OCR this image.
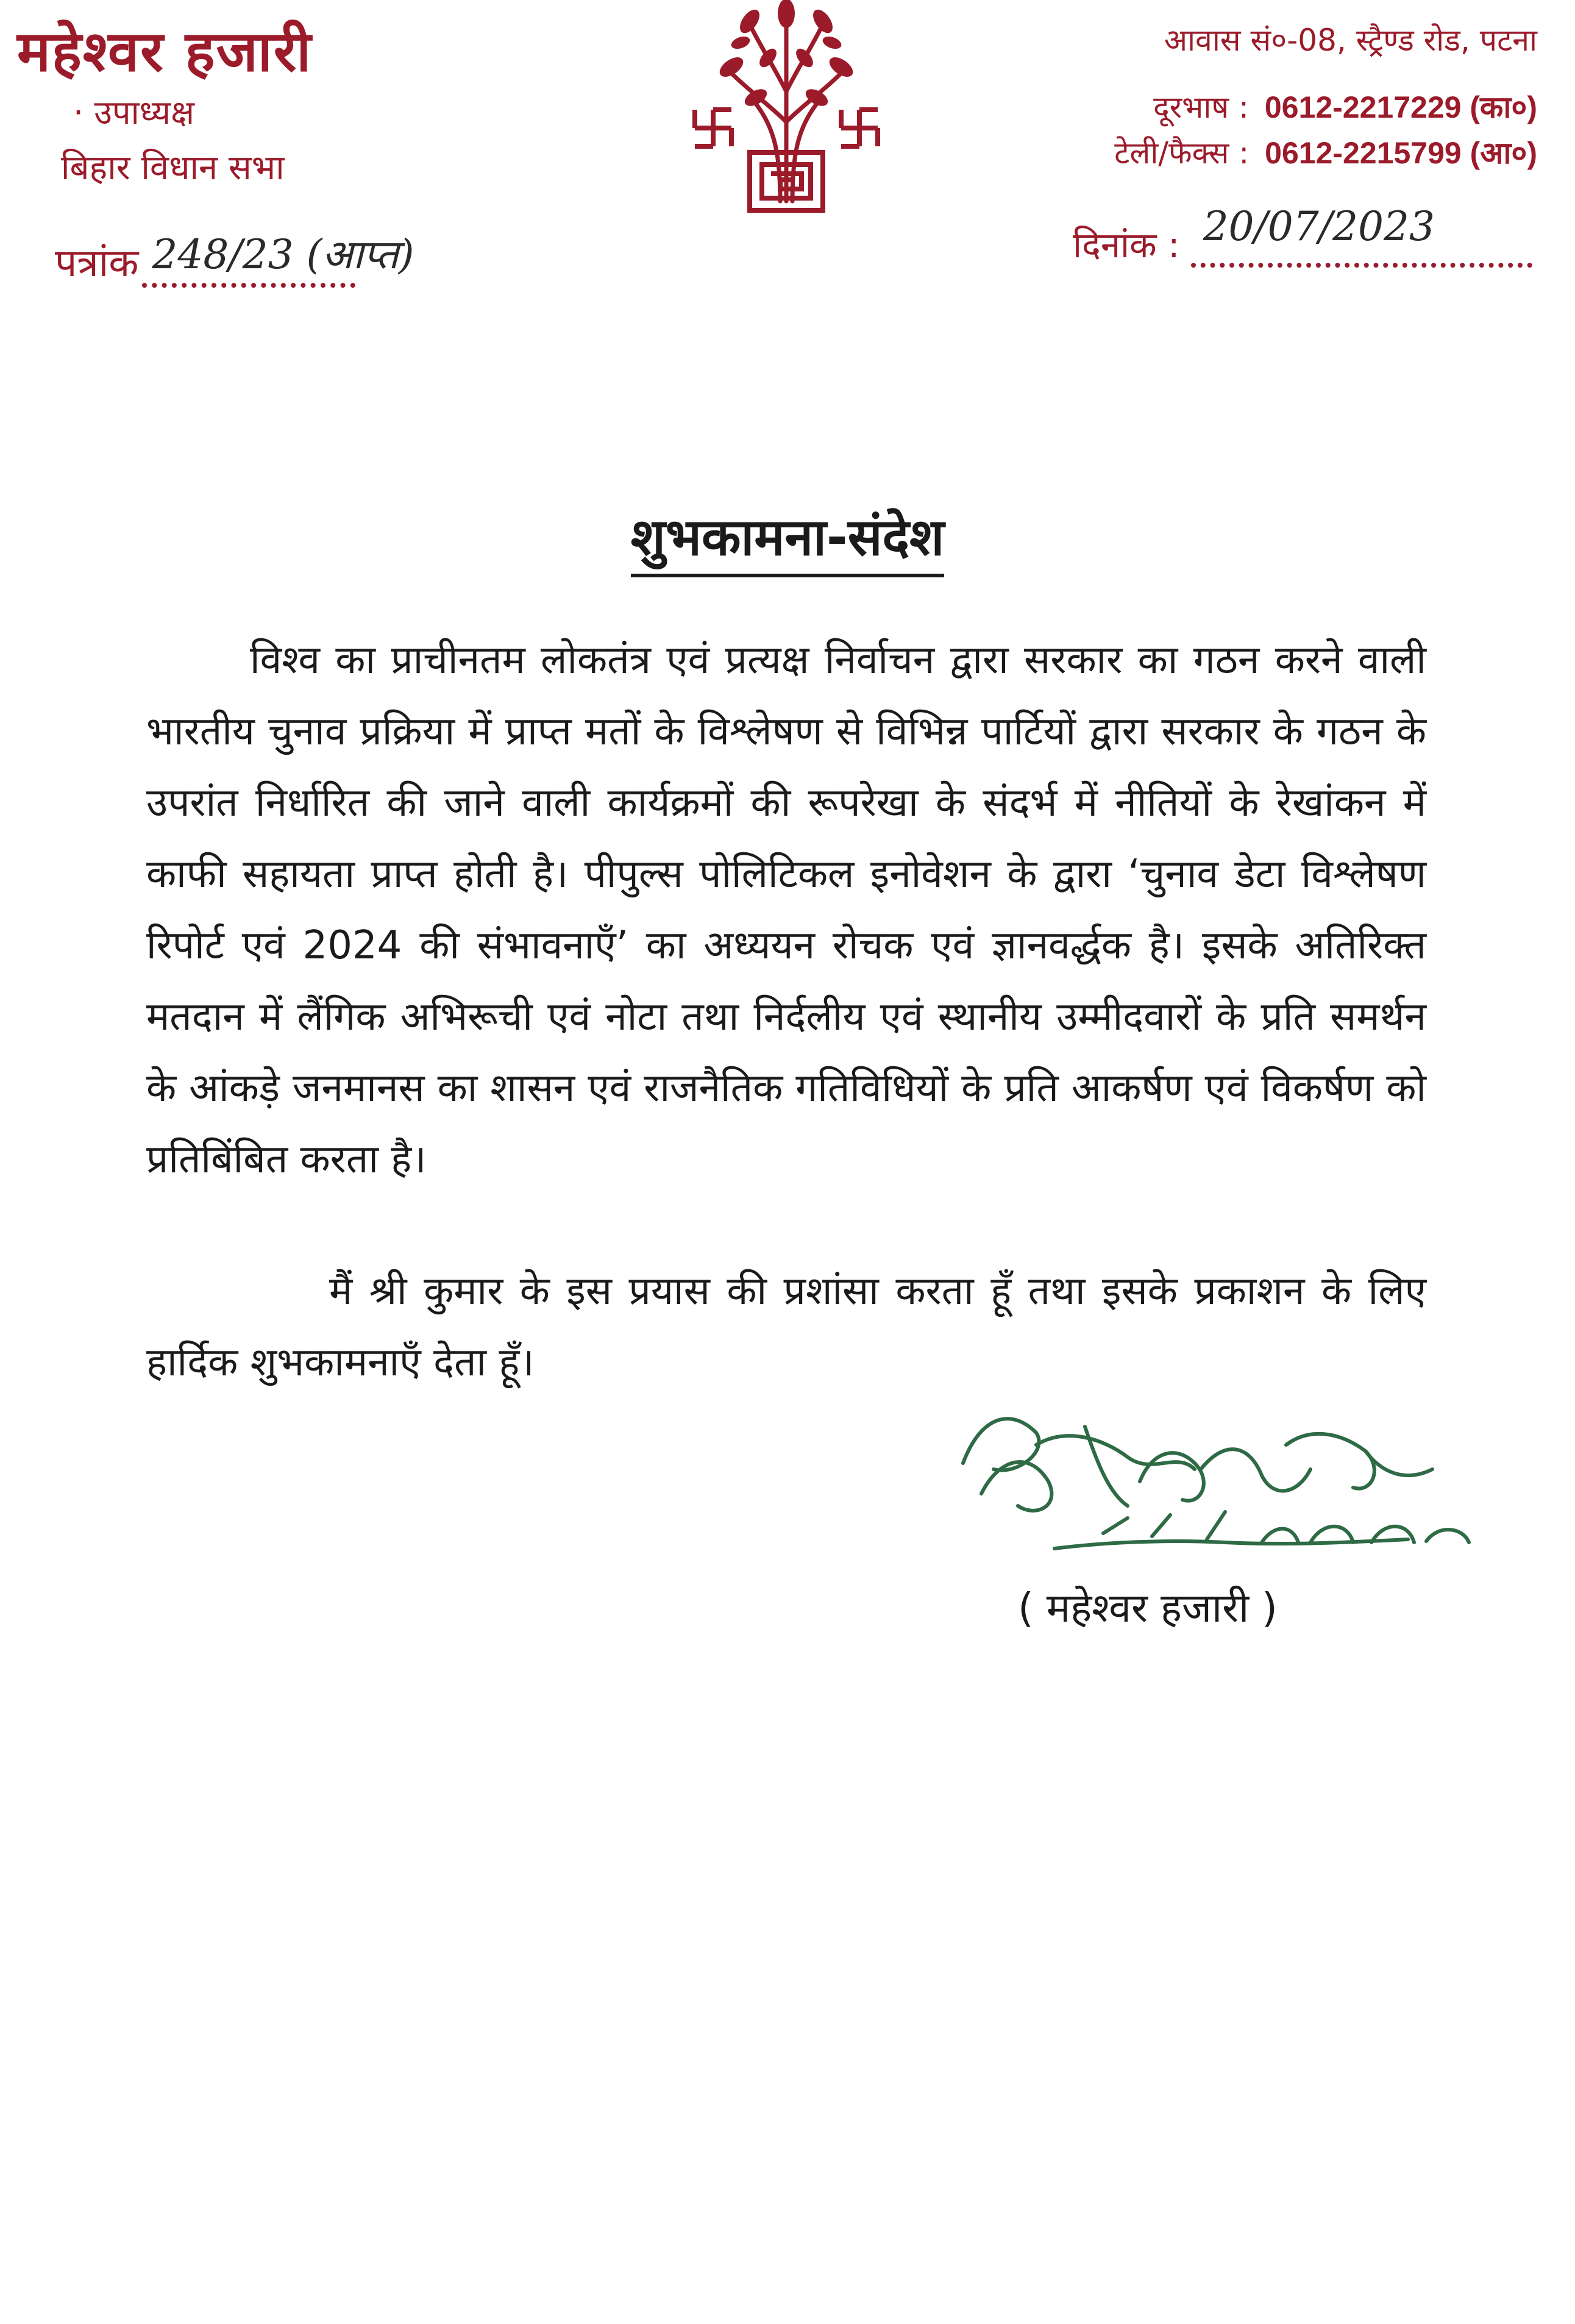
महेश्वर हजारी
· उपाध्यक्ष
बिहार विधान सभा
पत्रांक 248/23 (आप्त)
आवास सं०-08, स्ट्रैण्ड रोड, पटना
दूरभाष : 0612-2217229 (का०)
टेली/फैक्स : 0612-2215799 (आ०)
दिनांक : 20/07/2023
शुभकामना-संदेश

विश्व का प्राचीनतम लोकतंत्र एवं प्रत्यक्ष निर्वाचन द्वारा सरकार का गठन करने वाली भारतीय चुनाव प्रक्रिया में प्राप्त मतों के विश्लेषण से विभिन्न पार्टियों द्वारा सरकार के गठन के उपरांत निर्धारित की जाने वाली कार्यक्रमों की रूपरेखा के संदर्भ में नीतियों के रेखांकन में काफी सहायता प्राप्त होती है। पीपुल्स पोलिटिकल इनोवेशन के द्वारा ‘चुनाव डेटा विश्लेषण रिपोर्ट एवं 2024 की संभावनाएँ’ का अध्ययन रोचक एवं ज्ञानवर्द्धक है। इसके अतिरिक्त मतदान में लैंगिक अभिरूची एवं नोटा तथा निर्दलीय एवं स्थानीय उम्मीदवारों के प्रति समर्थन के आंकड़े जनमानस का शासन एवं राजनैतिक गतिविधियों के प्रति आकर्षण एवं विकर्षण को प्रतिबिंबित करता है।

मैं श्री कुमार के इस प्रयास की प्रशांसा करता हूँ तथा इसके प्रकाशन के लिए हार्दिक शुभकामनाएँ देता हूँ।

( महेश्वर हजारी )
